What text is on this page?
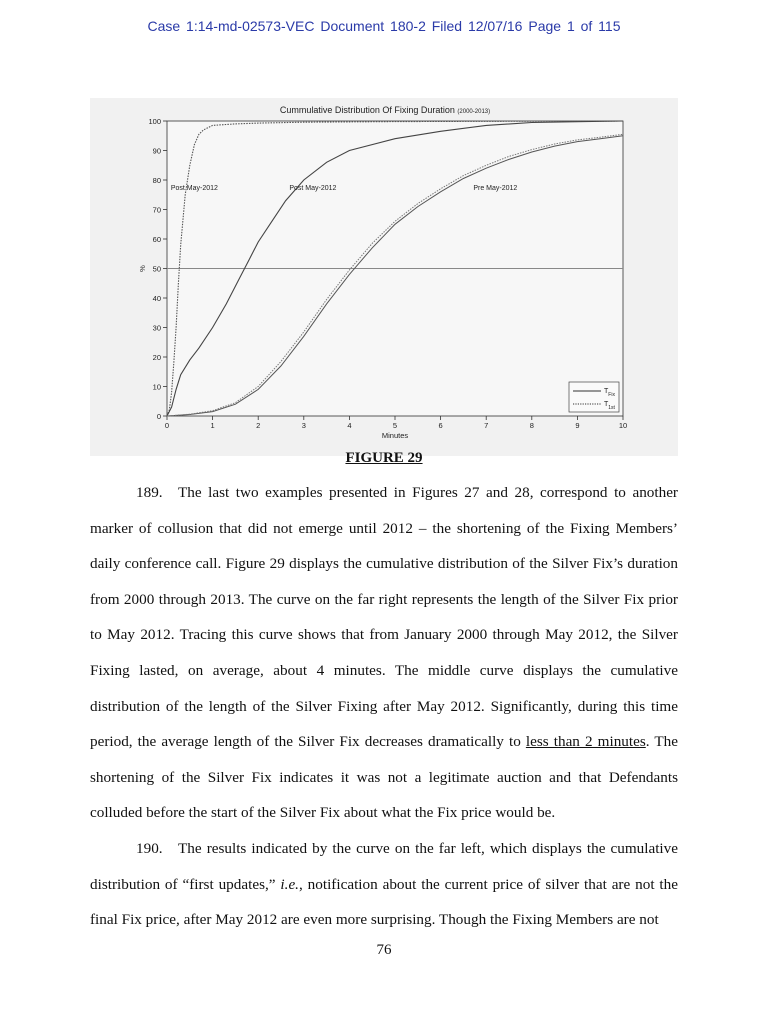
Case 1:14-md-02573-VEC Document 180-2 Filed 12/07/16 Page 1 of 115
Cummulative Distribution Of Fixing Duration (2000-2013)
0
10
20
30
40
50
60
70
80
90
100
0	1	2	3	4	5	6	7	8	9	10
Minutes
%
Post May-2012	Post May-2012	Pre May-2012
$T_{Fix}$
$T_{1st}$
FIGURE 29

189. The last two examples presented in Figures 27 and 28, correspond to another marker of collusion that did not emerge until 2012 – the shortening of the Fixing Members’ daily conference call. Figure 29 displays the cumulative distribution of the Silver Fix’s duration from 2000 through 2013. The curve on the far right represents the length of the Silver Fix prior to May 2012. Tracing this curve shows that from January 2000 through May 2012, the Silver Fixing lasted, on average, about 4 minutes. The middle curve displays the cumulative distribution of the length of the Silver Fixing after May 2012. Significantly, during this time period, the average length of the Silver Fix decreases dramatically to less than 2 minutes. The shortening of the Silver Fix indicates it was not a legitimate auction and that Defendants colluded before the start of the Silver Fix about what the Fix price would be.

190. The results indicated by the curve on the far left, which displays the cumulative distribution of “first updates,” i.e., notification about the current price of silver that are not the final Fix price, after May 2012 are even more surprising. Though the Fixing Members are not

76
